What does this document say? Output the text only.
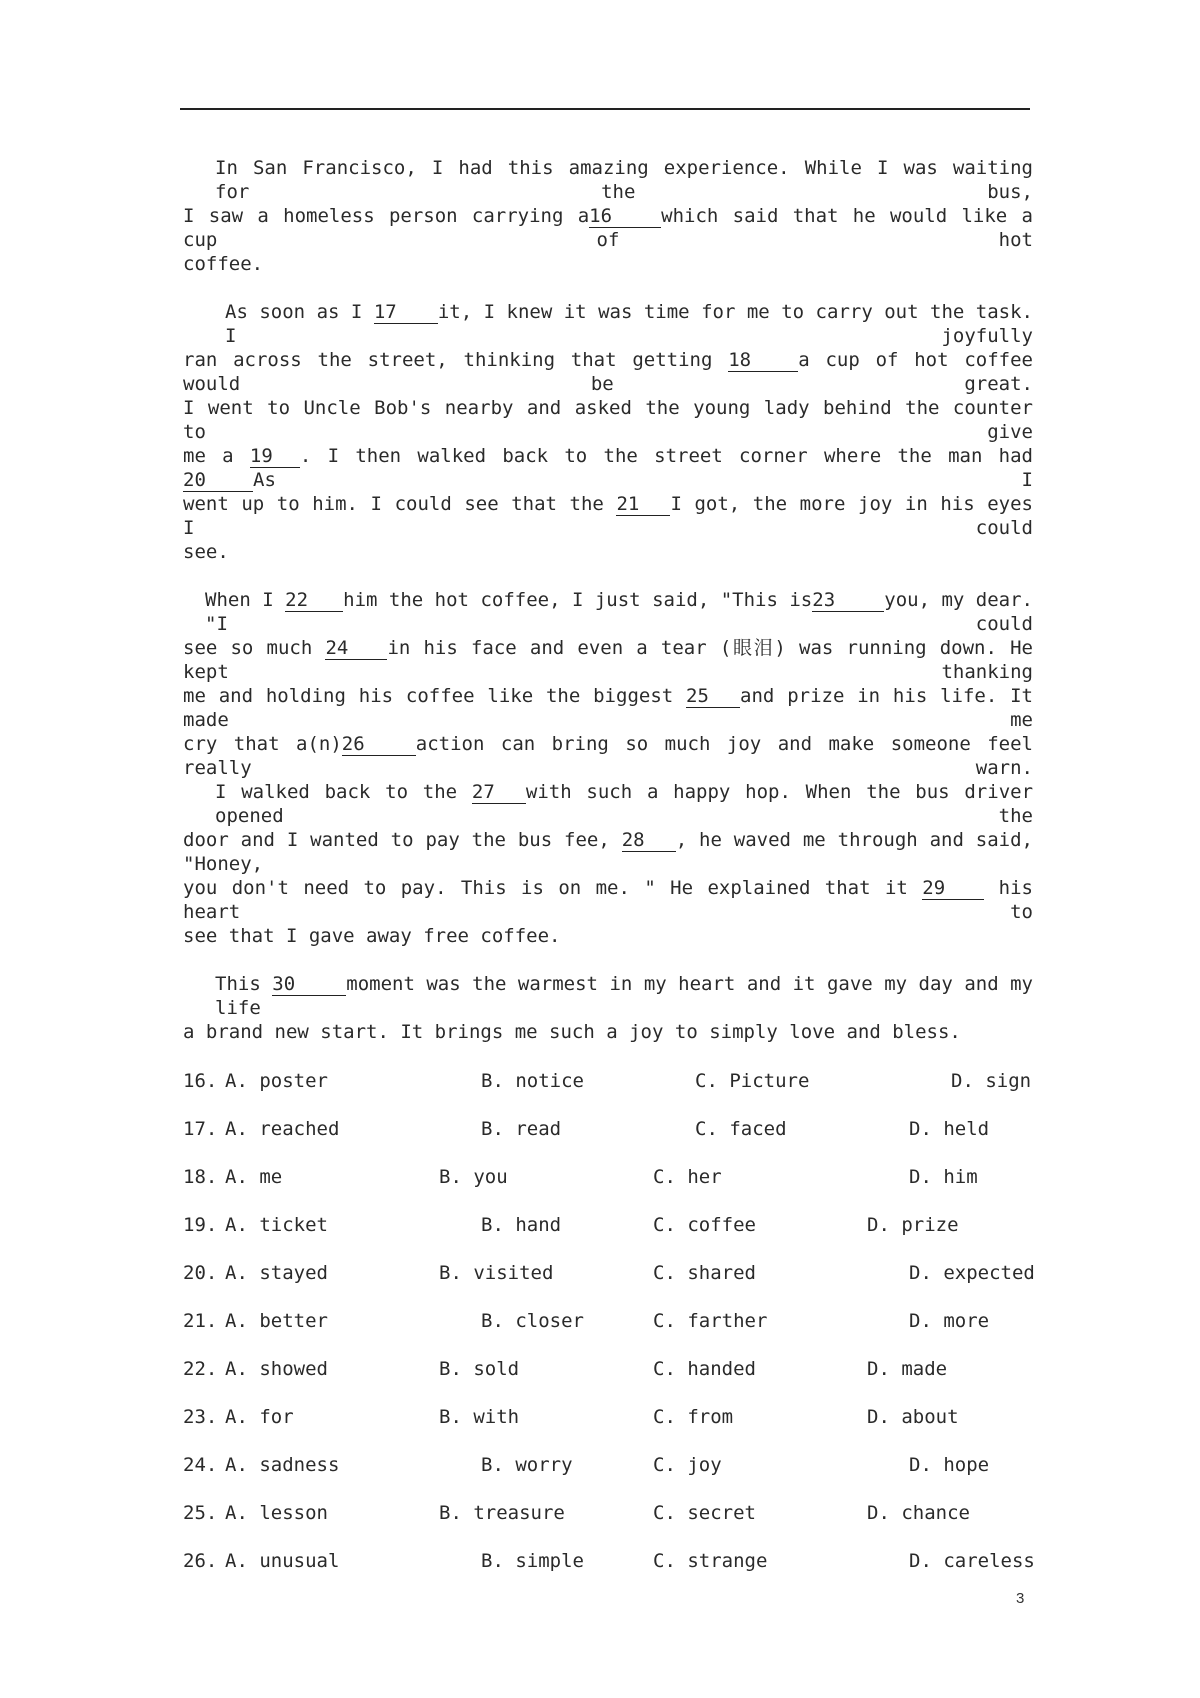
In San Francisco, I had this amazing experience. While I was waiting for the bus,
I saw a homeless person carrying a16	which said that he would like a cup of hot
coffee.
As soon as I 17 it, I knew it was time for me to carry out the task. I joyfully
ran across the street, thinking that getting 18 a cup of hot coffee would be great.
I went to Uncle Bob's nearby and asked the young lady behind the counter to give
me a 19 . I then walked back to the street corner where the man had 20 As I
went up to him. I could see that the 21 I got, the more joy in his eyes I could
see.
When I 22 him the hot coffee, I just said, "This is23	you, my dear. "I could
see so much 24 in his face and even a tear (眼泪) was running down. He kept thanking
me and holding his coffee like the biggest 25 and prize in his life. It made me
cry that a(n)26	action can bring so much joy and make someone feel really warn.
I walked back to the 27 with such a happy hop. When the bus driver opened the
door and I wanted to pay the bus fee, 28 , he waved me through and said, "Honey,
you don't need to pay. This is on me. " He explained that it 29	his heart to
see that I gave away free coffee.
This 30	moment was the warmest in my heart and it gave my day and my life
a brand new start. It brings me such a joy to simply love and bless.
16. A. poster	B. notice	C. Picture	D. sign
17. A. reached	B. read	C. faced	D. held
18. A. me	B. you	C. her	D. him
19. A. ticket	B. hand	C. coffee	D. prize
20. A. stayed	B. visited	C. shared	D. expected
21. A. better	B. closer	C. farther	D. more
22. A. showed	B. sold	C. handed	D. made
23. A. for	B. with	C. from	D. about
24. A. sadness	B. worry	C. joy	D. hope
25. A. lesson	B. treasure	C. secret	D. chance
26. A. unusual	B. simple	C. strange	D. careless
3
